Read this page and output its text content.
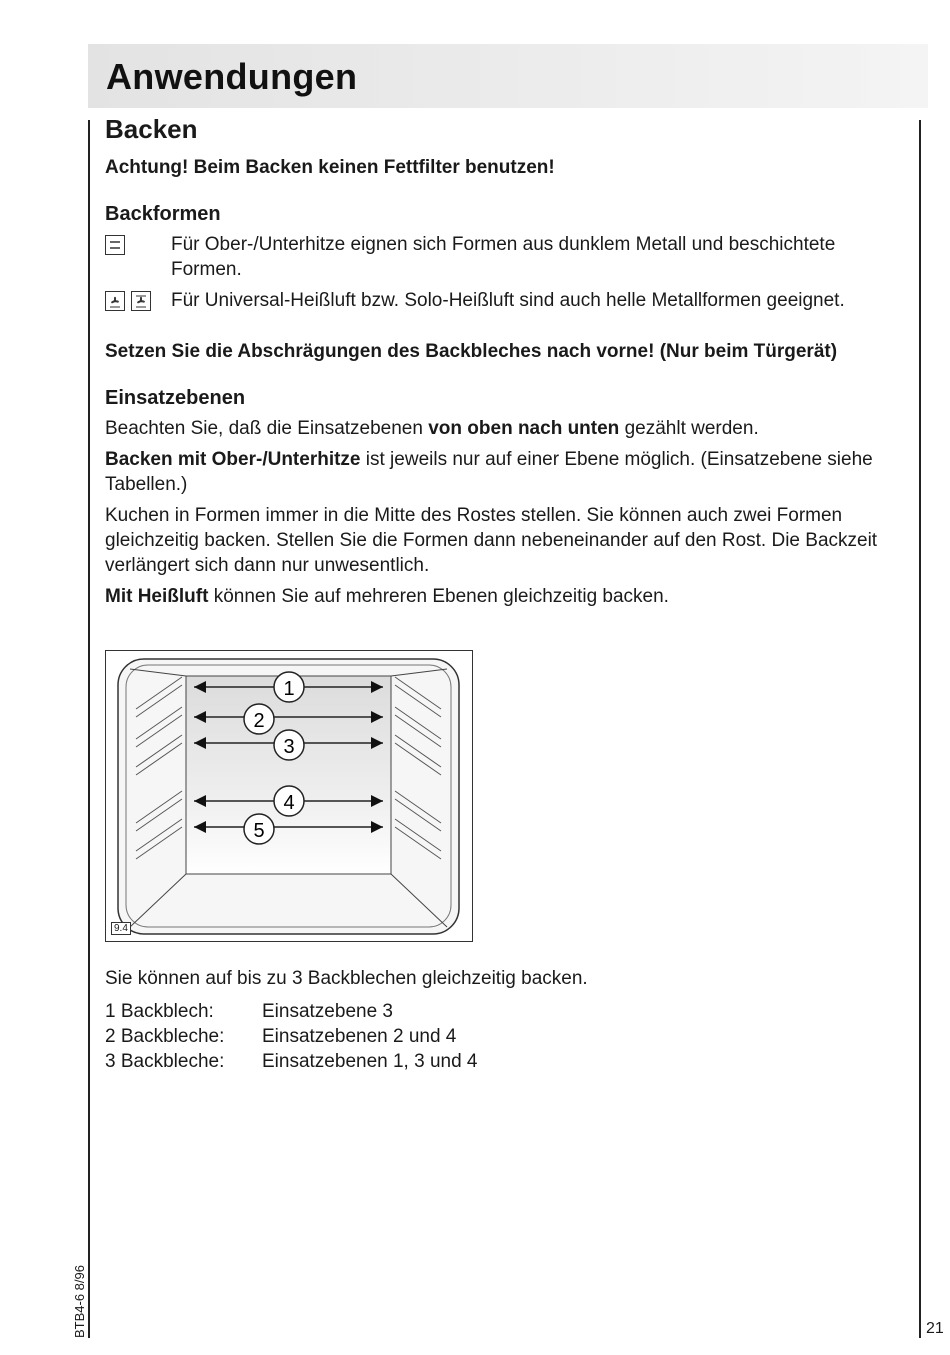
Anwendungen
Backen

Achtung! Beim Backen keinen Fettfilter benutzen!

Backformen
Für Ober-/Unterhitze eignen sich Formen aus dunklem Metall und beschichtete Formen.
Für Universal-Heißluft bzw. Solo-Heißluft sind auch helle Metallformen geeignet.

Setzen Sie die Abschrägungen des Backbleches nach vorne! (Nur beim Türgerät)

Einsatzebenen

Beachten Sie, daß die Einsatzebenen von oben nach unten gezählt werden.

Backen mit Ober-/Unterhitze ist jeweils nur auf einer Ebene möglich. (Einsatzebene siehe Tabellen.)

Kuchen in Formen immer in die Mitte des Rostes stellen. Sie können auch zwei Formen gleichzeitig backen. Stellen Sie die Formen dann nebeneinander auf den Rost. Die Backzeit verlängert sich dann nur unwesentlich.

Mit Heißluft können Sie auf mehreren Ebenen gleichzeitig backen.

1
2
3
4
5
9.4

Sie können auf bis zu 3 Backblechen gleichzeitig backen.

1 Backblech:	Einsatzebene 3
2 Backbleche:	Einsatzebenen 2 und 4
3 Backbleche:	Einsatzebenen 1, 3 und 4
BTB4-6 8/96	21
